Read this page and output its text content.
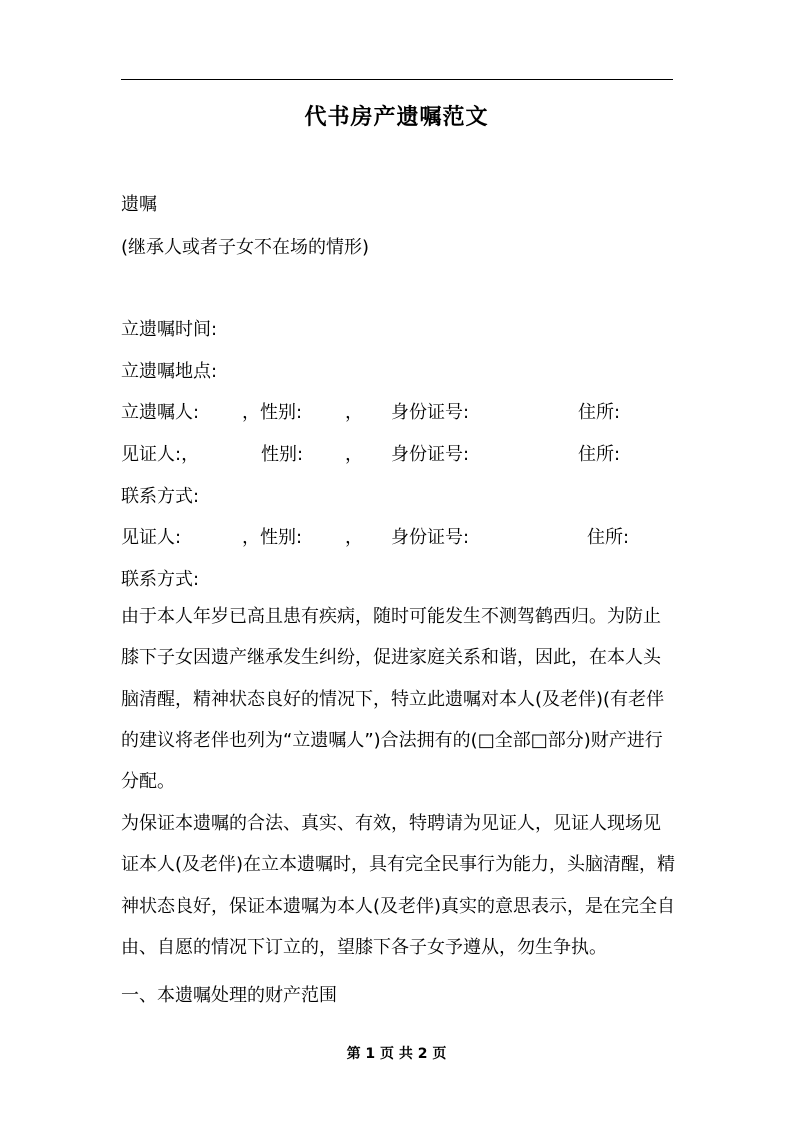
代书房产遗嘱范文
遗嘱
(继承人或者子女不在场的情形)
立遗嘱时间:
立遗嘱地点:
立遗嘱人: ，性别: ， 身份证号:	住所:
见证人:，	性别: ， 身份证号:	住所:
联系方式:
见证人:	，性别: ， 身份证号:	住所:
联系方式:
由于本人年岁已高且患有疾病，随时可能发生不测驾鹤西归。为防止膝下子女因遗产继承发生纠纷，促进家庭关系和谐，因此，在本人头脑清醒，精神状态良好的情况下，特立此遗嘱对本人(及老伴)(有老伴的建议将老伴也列为“立遗嘱人”)合法拥有的(□全部□部分)财产进行分配。
为保证本遗嘱的合法、真实、有效，特聘请为见证人，见证人现场见证本人(及老伴)在立本遗嘱时，具有完全民事行为能力，头脑清醒，精神状态良好，保证本遗嘱为本人(及老伴)真实的意思表示，是在完全自由、自愿的情况下订立的，望膝下各子女予遵从，勿生争执。
一、本遗嘱处理的财产范围
第 1 页 共 2 页
